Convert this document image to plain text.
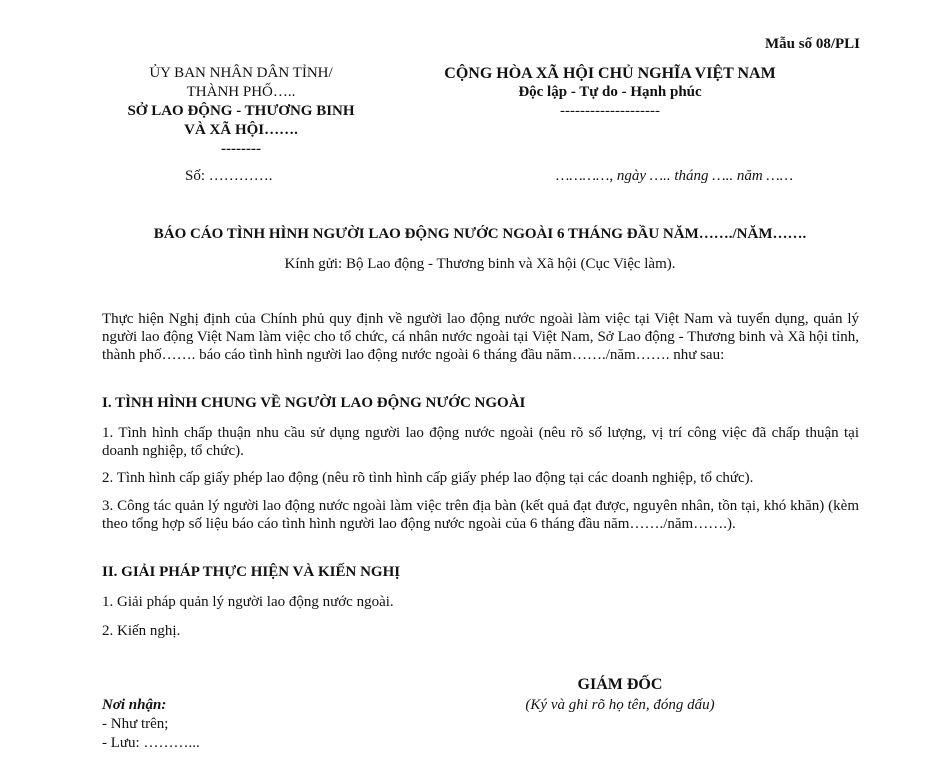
Mẫu số 08/PLI
ỦY BAN NHÂN DÂN TỈNH/
THÀNH PHỐ…..
SỞ LAO ĐỘNG - THƯƠNG BINH
VÀ XÃ HỘI…….
--------
CỘNG HÒA XÃ HỘI CHỦ NGHĨA VIỆT NAM
Độc lập - Tự do - Hạnh phúc
--------------------
Số: ………….	…………, ngày ….. tháng ….. năm ……
BÁO CÁO TÌNH HÌNH NGƯỜI LAO ĐỘNG NƯỚC NGOÀI 6 THÁNG ĐẦU NĂM……./NĂM…….
Kính gửi: Bộ Lao động - Thương binh và Xã hội (Cục Việc làm).
Thực hiện Nghị định của Chính phủ quy định về người lao động nước ngoài làm việc tại Việt Nam và tuyển dụng, quản lý người lao động Việt Nam làm việc cho tổ chức, cá nhân nước ngoài tại Việt Nam, Sở Lao động - Thương binh và Xã hội tỉnh, thành phố……. báo cáo tình hình người lao động nước ngoài 6 tháng đầu năm……./năm……. như sau:
I. TÌNH HÌNH CHUNG VỀ NGƯỜI LAO ĐỘNG NƯỚC NGOÀI
1. Tình hình chấp thuận nhu cầu sử dụng người lao động nước ngoài (nêu rõ số lượng, vị trí công việc đã chấp thuận tại doanh nghiệp, tổ chức).
2. Tình hình cấp giấy phép lao động (nêu rõ tình hình cấp giấy phép lao động tại các doanh nghiệp, tổ chức).
3. Công tác quản lý người lao động nước ngoài làm việc trên địa bàn (kết quả đạt được, nguyên nhân, tồn tại, khó khăn) (kèm theo tổng hợp số liệu báo cáo tình hình người lao động nước ngoài của 6 tháng đầu năm……./năm…….).
II. GIẢI PHÁP THỰC HIỆN VÀ KIẾN NGHỊ
1. Giải pháp quản lý người lao động nước ngoài.
2. Kiến nghị.
GIÁM ĐỐC
(Ký và ghi rõ họ tên, đóng dấu)
Nơi nhận:
- Như trên;
- Lưu: ………...
